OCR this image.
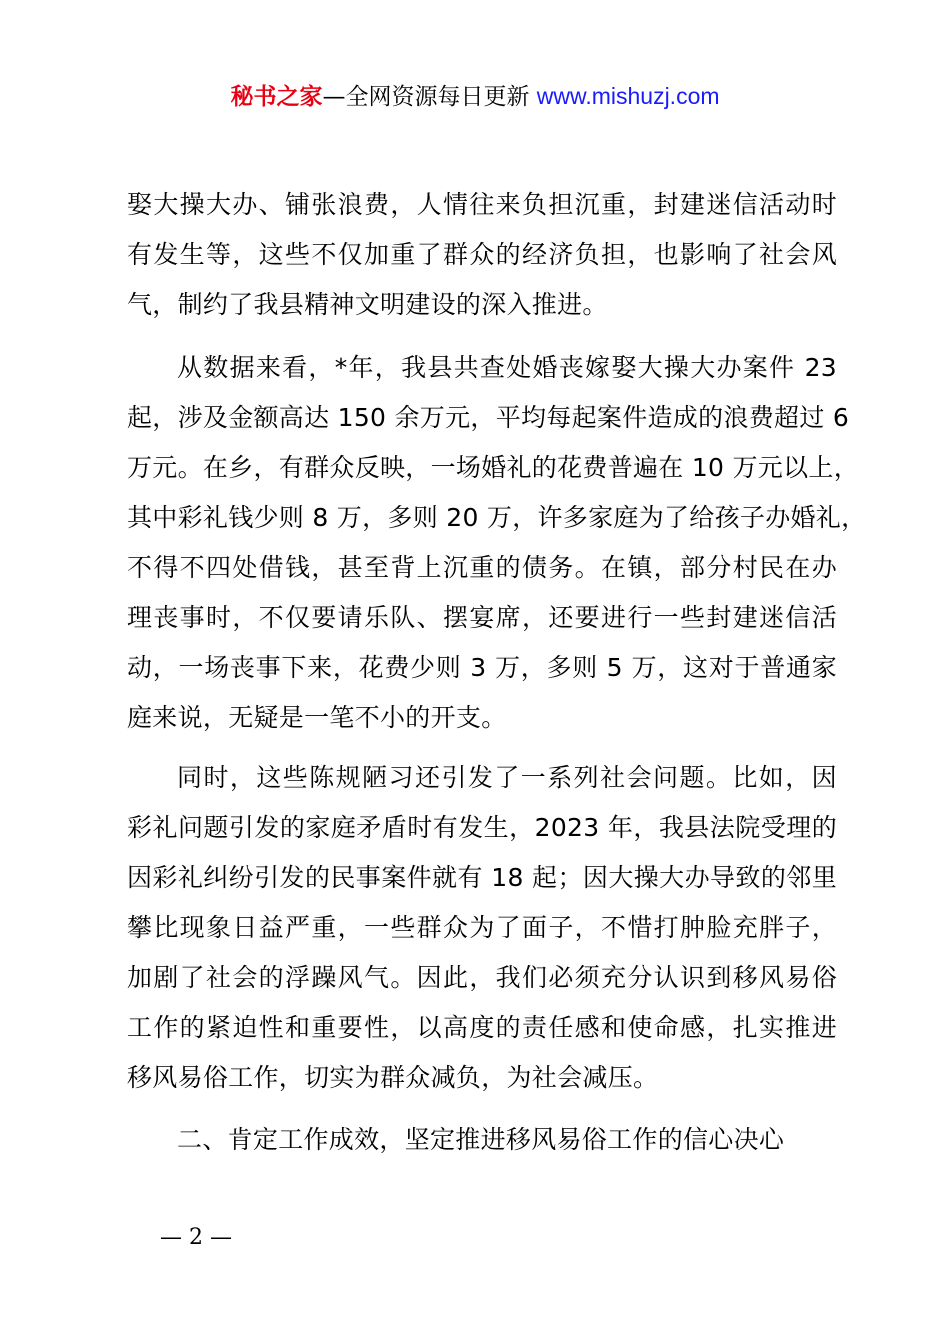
秘书之家—全网资源每日更新 www.mishuzj.com
娶大操大办、铺张浪费，人情往来负担沉重，封建迷信活动时
有发生等，这些不仅加重了群众的经济负担，也影响了社会风
气，制约了我县精神文明建设的深入推进。
从数据来看，*年，我县共查处婚丧嫁娶大操大办案件 23
起，涉及金额高达 150 余万元，平均每起案件造成的浪费超过 6
万元。在乡，有群众反映，一场婚礼的花费普遍在 10 万元以上，
其中彩礼钱少则 8 万，多则 20 万，许多家庭为了给孩子办婚礼，
不得不四处借钱，甚至背上沉重的债务。在镇，部分村民在办
理丧事时，不仅要请乐队、摆宴席，还要进行一些封建迷信活
动，一场丧事下来，花费少则 3 万，多则 5 万，这对于普通家
庭来说，无疑是一笔不小的开支。
同时，这些陈规陋习还引发了一系列社会问题。比如，因
彩礼问题引发的家庭矛盾时有发生，2023 年，我县法院受理的
因彩礼纠纷引发的民事案件就有 18 起；因大操大办导致的邻里
攀比现象日益严重，一些群众为了面子，不惜打肿脸充胖子，
加剧了社会的浮躁风气。因此，我们必须充分认识到移风易俗
工作的紧迫性和重要性，以高度的责任感和使命感，扎实推进
移风易俗工作，切实为群众减负，为社会减压。
二、肯定工作成效，坚定推进移风易俗工作的信心决心
— 2 —
